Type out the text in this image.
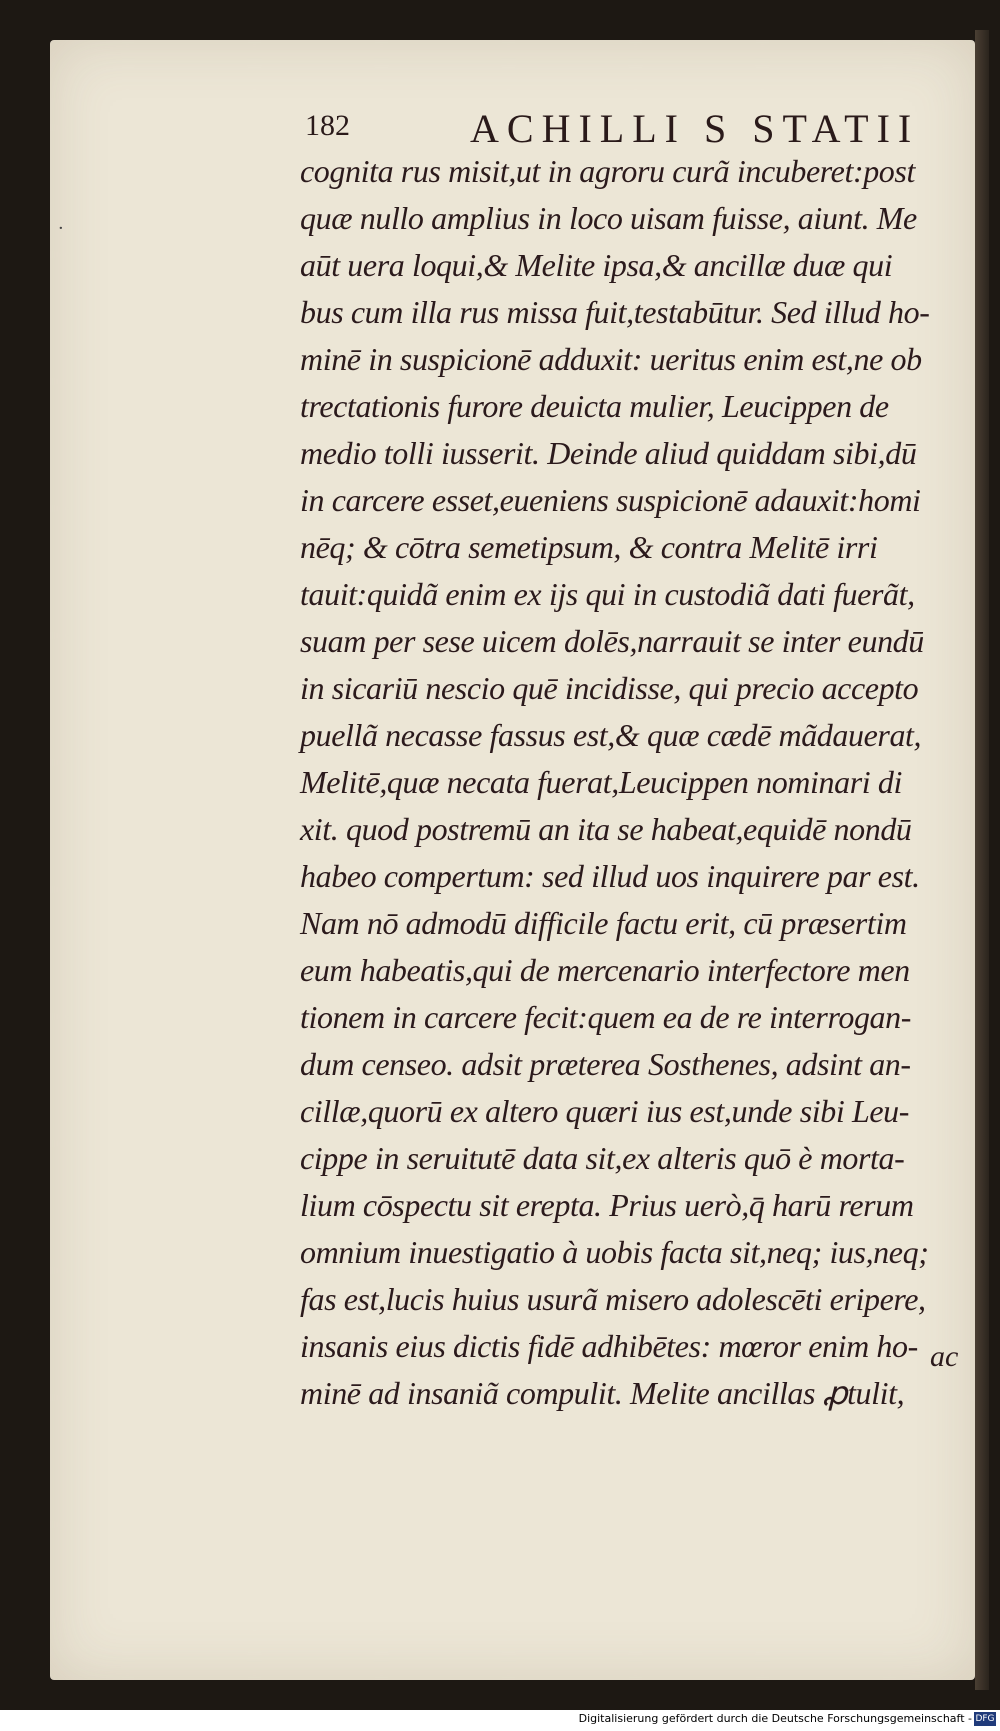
·
182	ACHILLI S STATII
cognita rus misit,ut in agroru curã incuberet:post
quæ nullo amplius in loco uisam fuisse, aiunt. Me
aūt uera loqui,& Melite ipsa,& ancillæ duæ qui
bus cum illa rus missa fuit,testabūtur. Sed illud ho-
minē in suspicionē adduxit: ueritus enim est,ne ob
trectationis furore deuicta mulier, Leucippen de
medio tolli iusserit. Deinde aliud quiddam sibi,dū
in carcere esset,eueniens suspicionē adauxit:homi
nēq; & cōtra semetipsum, & contra Melitē irri
tauit:quidã enim ex ijs qui in custodiã dati fuerãt,
suam per sese uicem dolēs,narrauit se inter eundū
in sicariū nescio quē incidisse, qui precio accepto
puellã necasse fassus est,& quæ cædē mãdauerat,
Melitē,quæ necata fuerat,Leucippen nominari di
xit. quod postremū an ita se habeat,equidē nondū
habeo compertum: sed illud uos inquirere par est.
Nam nō admodū difficile factu erit, cū præsertim
eum habeatis,qui de mercenario interfectore men
tionem in carcere fecit:quem ea de re interrogan-
dum censeo. adsit præterea Sosthenes, adsint an-
cillæ,quorū ex altero quæri ius est,unde sibi Leu-
cippe in seruitutē data sit,ex alteris quō è morta-
lium cōspectu sit erepta. Prius uerò,q̄ harū rerum
omnium inuestigatio à uobis facta sit,neq; ius,neq;
fas est,lucis huius usurã misero adolescēti eripere,
insanis eius dictis fidē adhibētes: mœror enim ho-
minē ad insaniã compulit. Melite ancillas ꝓtulit,
ac
Digitalisierung gefördert durch die Deutsche Forschungsgemeinschaft - DFG
